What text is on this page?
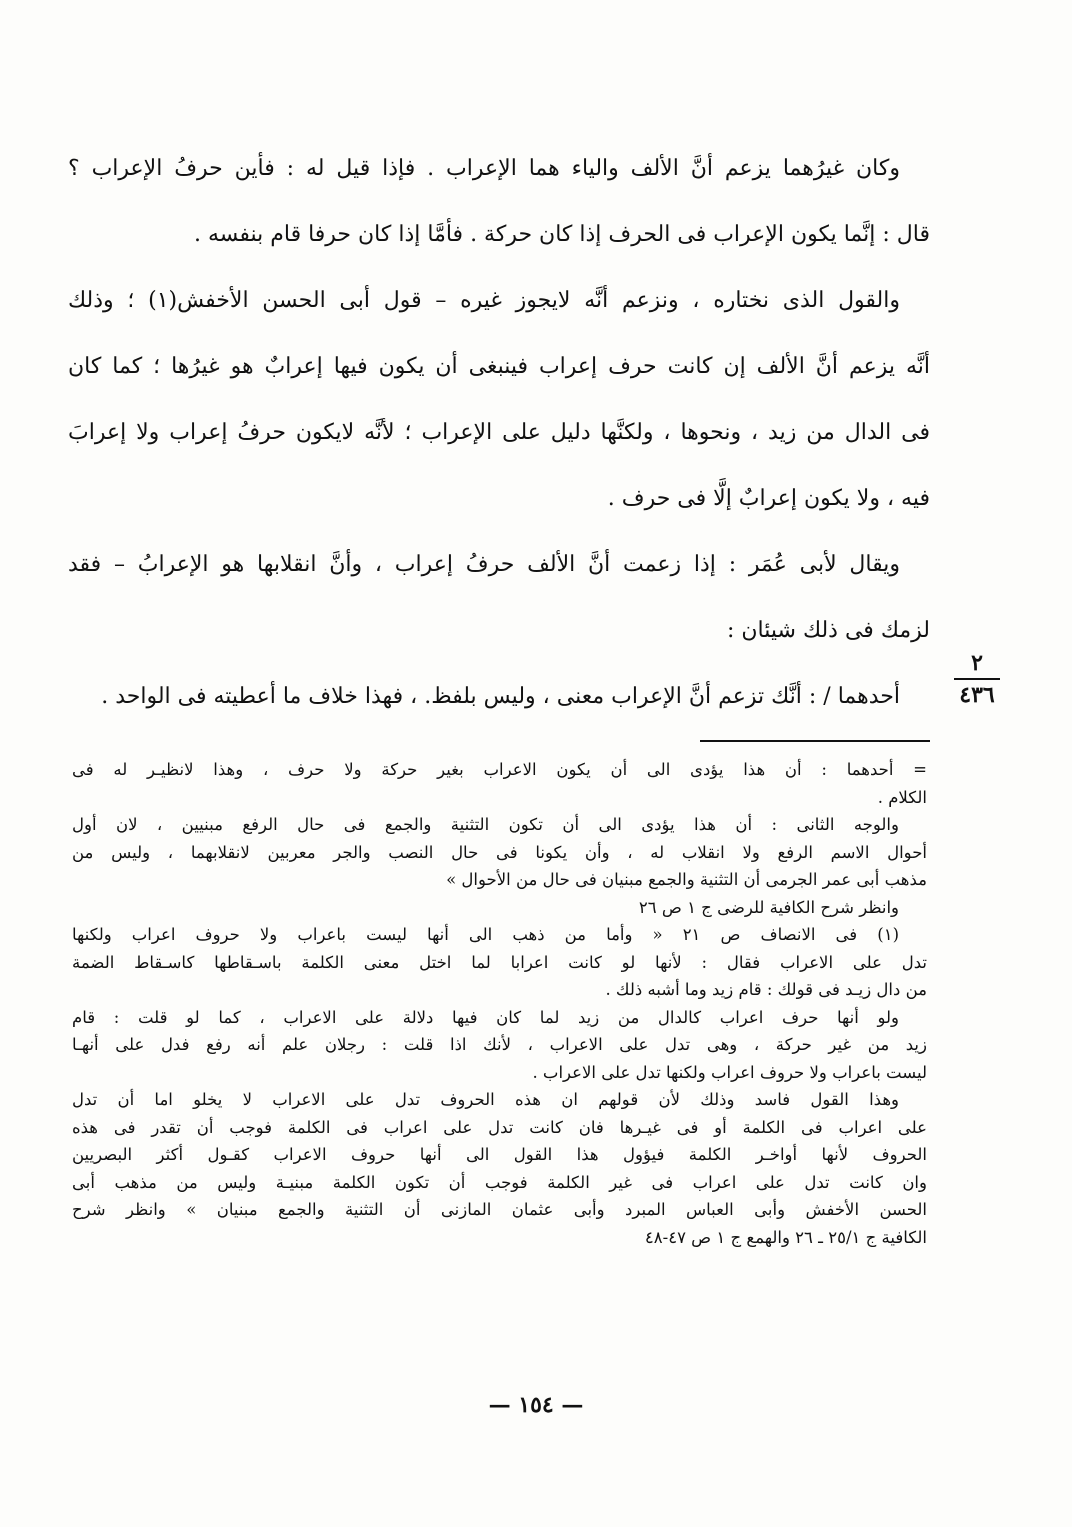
وكان غيرُهما يزعم أنَّ الألف والياء هما الإعراب . فإذا قيل له : فأين حرفُ الإعراب ؟

قال : إنَّما يكون الإعراب فى الحرف إذا كان حركة . فأمَّا إذا كان حرفا قام بنفسه .

والقول الذى نختاره ، ونزعم أنَّه لايجوز غيره – قول أبى الحسن الأخفش(١) ؛ وذلك

أنَّه يزعم أنَّ الألف إن كانت حرف إعراب فينبغى أن يكون فيها إعرابٌ هو غيرُها ؛ كما كان

فى الدال من زيد ، ونحوها ، ولكنَّها دليل على الإعراب ؛ لأنَّه لايكون حرفُ إعراب ولا إعرابَ

فيه ، ولا يكون إعرابٌ إلَّا فى حرف .

ويقال لأبى عُمَر : إذا زعمت أنَّ الألف حرفُ إعراب ، وأنَّ انقلابها هو الإعرابُ – فقد

لزمك فى ذلك شيئان :

أحدهما / : أنَّك تزعم أنَّ الإعراب معنى ، وليس بلفظ. ، فهذا خلاف ما أعطيته فى الواحد .

٢
٤٣٦

= أحدهما : أن هذا يؤدى الى أن يكون الاعراب بغير حركة ولا حرف ، وهذا لانظيـر له فى

الكلام .

والوجه الثانى : أن هذا يؤدى الى أن تكون التثنية والجمع فى حال الرفع مبنيين ، لان أول

أحوال الاسم الرفع ولا انقلاب له ، وأن يكونا فى حال النصب والجر معربين لانقلابهما ، وليس من

مذهب أبى عمر الجرمى أن التثنية والجمع مبنيان فى حال من الأحوال »

وانظر شرح الكافية للرضى ج ١ ص ٢٦

(١) فى الانصاف ص ٢١ « وأما من ذهب الى أنها ليست باعراب ولا حروف اعراب ولكنها

تدل على الاعراب فقال : لأنها لو كانت اعرابا لما اختل معنى الكلمة باسـقاطها كاسـقاط الضمة

من دال زيـد فى قولك : قام زيد وما أشبه ذلك .

ولو أنها حرف اعراب كالدال من زيد لما كان فيها دلالة على الاعراب ، كما لو قلت : قام

زيد من غير حركة ، وهى تدل على الاعراب ، لأنك اذا قلت : رجلان علم أنه رفع فدل على أنهـا

ليست باعراب ولا حروف اعراب ولكنها تدل على الاعراب .

وهذا القول فاسد وذلك لأن قولهم ان هذه الحروف تدل على الاعراب لا يخلو اما أن تدل

على اعراب فى الكلمة أو فى غيـرها فان كانت تدل على اعراب فى الكلمة فوجب أن تقدر فى هذه

الحروف لأنها أواخـر الكلمة فيؤول هذا القول الى أنها حروف الاعراب كقـول أكثر البصريين

وان كانت تدل على اعراب فى غير الكلمة فوجب أن تكون الكلمة مبنيـة وليس من مذهب أبى

الحسن الأخفش وأبى العباس المبرد وأبى عثمان المازنى أن التثنية والجمع مبنيان » وانظر شرح

الكافية ج ٢٥/١ ـ ٢٦ والهمع ج ١ ص ٤٧-٤٨

— ١٥٤ —
